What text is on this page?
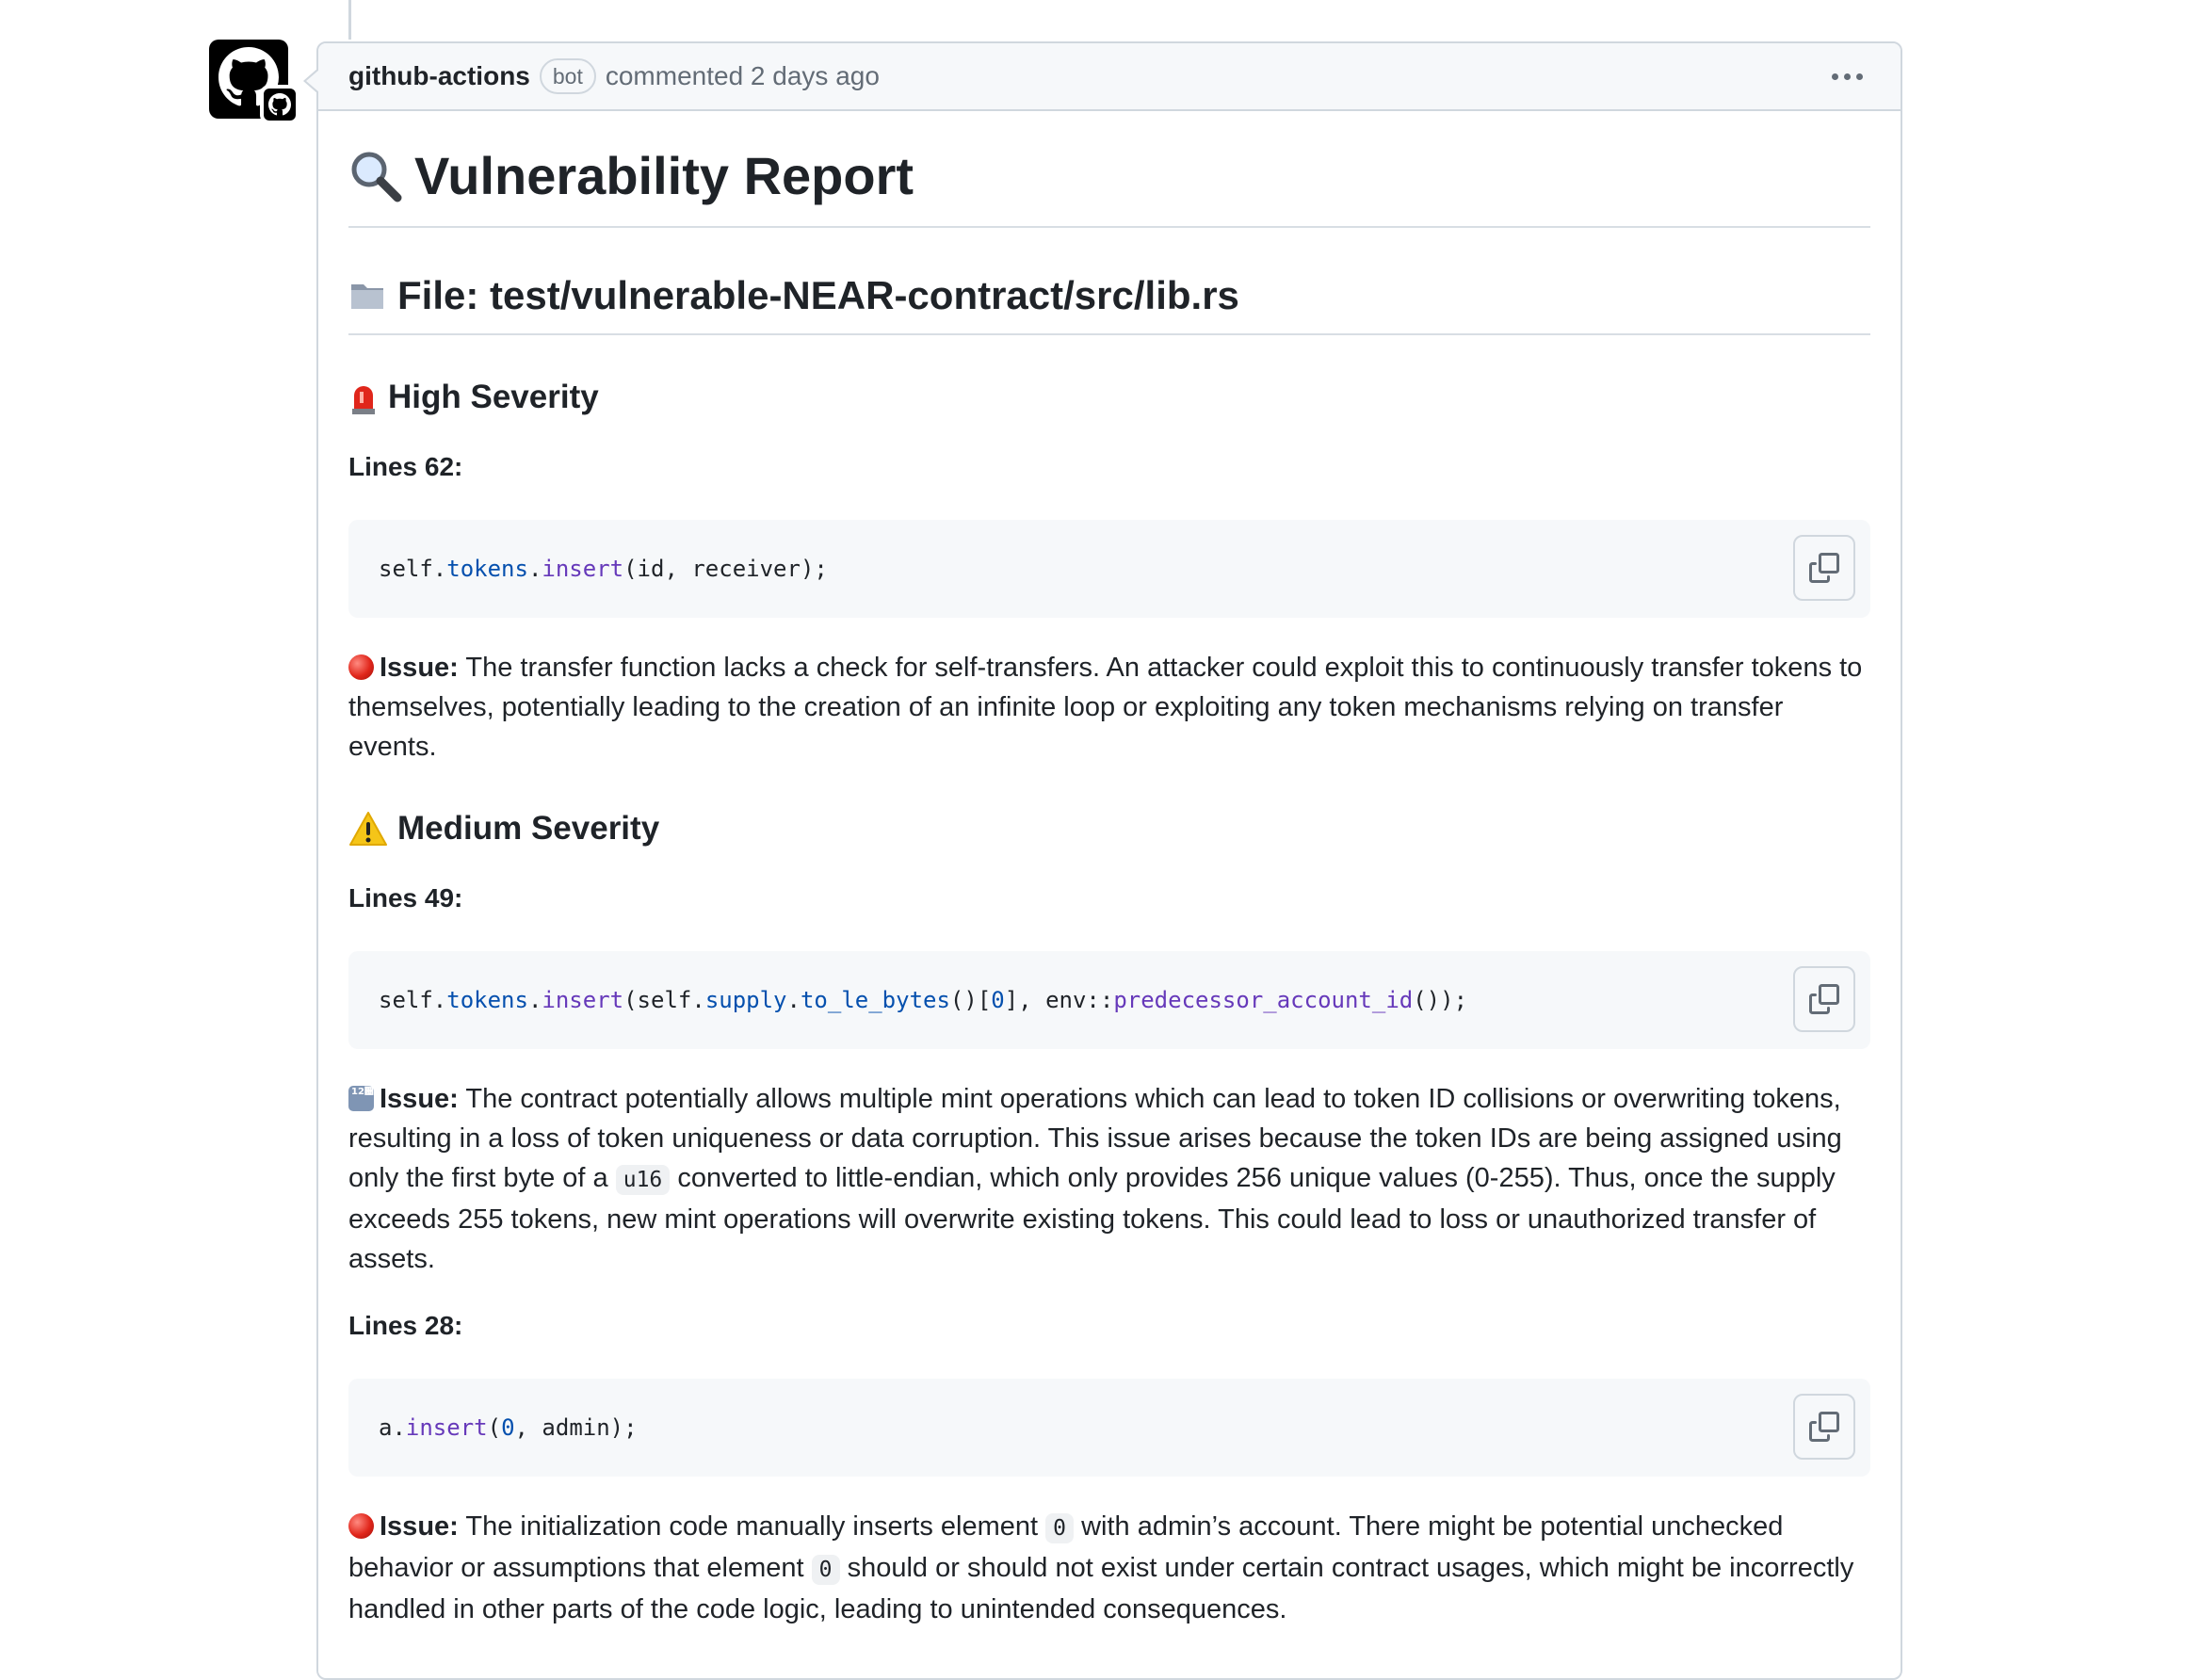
github-actions	bot commented 2 days ago
Vulnerability Report
File: test/vulnerable-NEAR-contract/src/lib.rs
High Severity
Lines 62:
self . tokens . insert (id, receiver);

Issue: The transfer function lacks a check for self-transfers. An attacker could exploit this to continuously transfer tokens to themselves, potentially leading to the creation of an infinite loop or exploiting any token mechanisms relying on transfer events.

Medium Severity
Lines 49:
self . tokens . insert (self. supply . to_le_bytes ()[ 0 ], env:: predecessor_account_id ());

12਴Issue: The contract potentially allows multiple mint operations which can lead to token ID collisions or overwriting tokens, resulting in a loss of token uniqueness or data corruption. This issue arises because the token IDs are being assigned using only the first byte of a u16 converted to little-endian, which only provides 256 unique values (0-255). Thus, once the supply exceeds 255 tokens, new mint operations will overwrite existing tokens. This could lead to loss or unauthorized transfer of assets.

Lines 28:
a . insert ( 0 , admin);

Issue: The initialization code manually inserts element 0 with admin’s account. There might be potential unchecked behavior or assumptions that element 0 should or should not exist under certain contract usages, which might be incorrectly handled in other parts of the code logic, leading to unintended consequences.
